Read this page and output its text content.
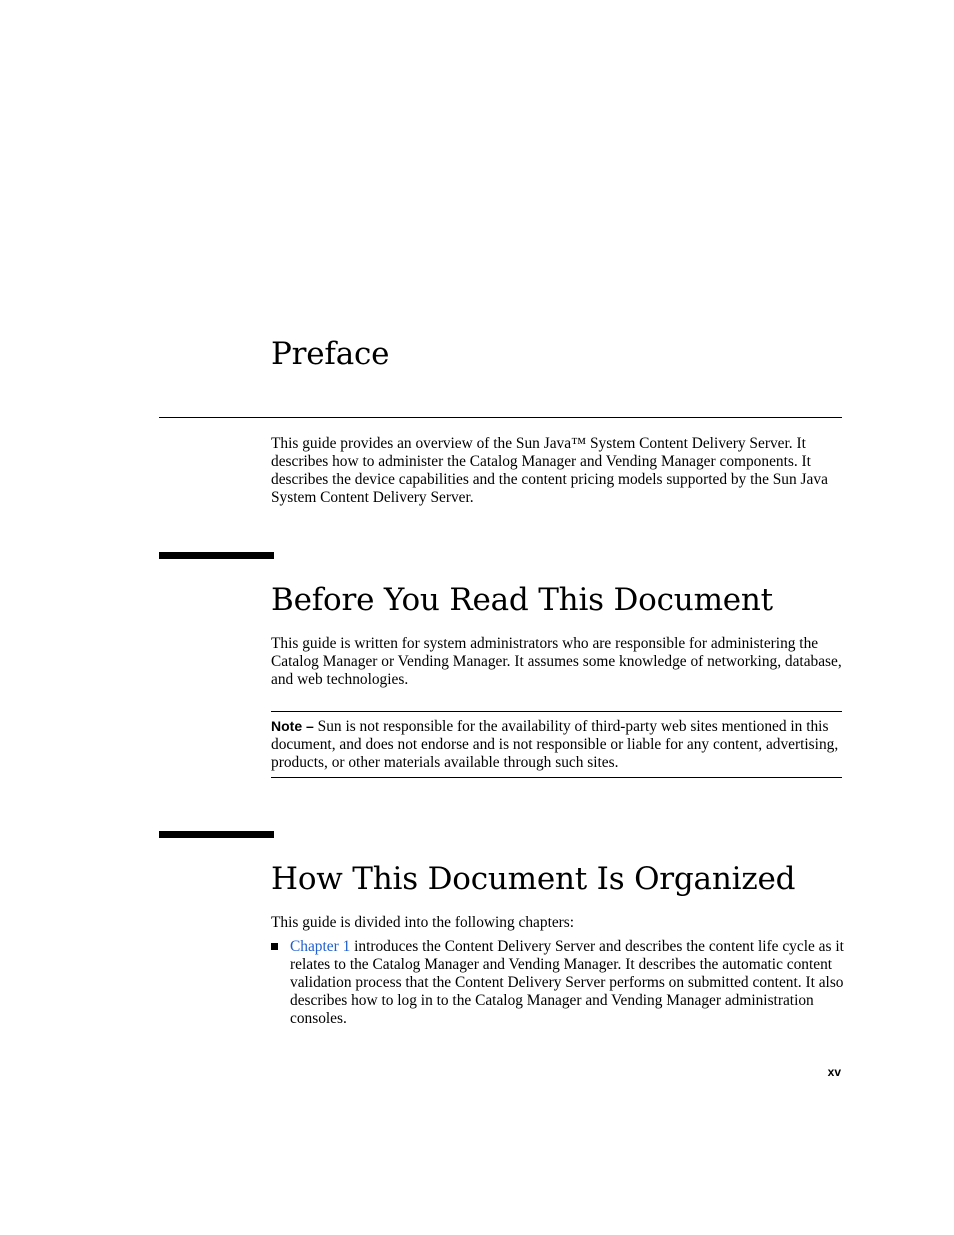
Preface

This guide provides an overview of the Sun Java™ System Content Delivery Server. It describes how to administer the Catalog Manager and Vending Manager components. It describes the device capabilities and the content pricing models supported by the Sun Java System Content Delivery Server.

Before You Read This Document

This guide is written for system administrators who are responsible for administering the Catalog Manager or Vending Manager. It assumes some knowledge of networking, database, and web technologies.

Note – Sun is not responsible for the availability of third-party web sites mentioned in this document, and does not endorse and is not responsible or liable for any content, advertising, products, or other materials available through such sites.

How This Document Is Organized

This guide is divided into the following chapters:

Chapter 1 introduces the Content Delivery Server and describes the content life cycle as it relates to the Catalog Manager and Vending Manager. It describes the automatic content validation process that the Content Delivery Server performs on submitted content. It also describes how to log in to the Catalog Manager and Vending Manager administration consoles.
xv
